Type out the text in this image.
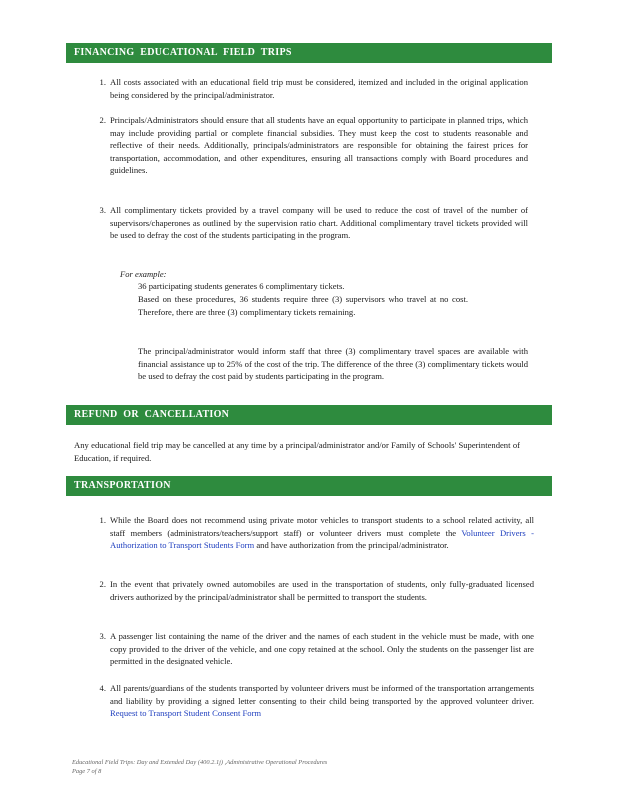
FINANCING EDUCATIONAL FIELD TRIPS
1. All costs associated with an educational field trip must be considered, itemized and included in the original application being considered by the principal/administrator.
2. Principals/Administrators should ensure that all students have an equal opportunity to participate in planned trips, which may include providing partial or complete financial subsidies. They must keep the cost to students reasonable and reflective of their needs. Additionally, principals/administrators are responsible for obtaining the fairest prices for transportation, accommodation, and other expenditures, ensuring all transactions comply with Board procedures and guidelines.
3. All complimentary tickets provided by a travel company will be used to reduce the cost of travel of the number of supervisors/chaperones as outlined by the supervision ratio chart. Additional complimentary travel tickets provided will be used to defray the cost of the students participating in the program.
For example:
36 participating students generates 6 complimentary tickets.
Based on these procedures, 36 students require three (3) supervisors who travel at no cost. Therefore, there are three (3) complimentary tickets remaining.
The principal/administrator would inform staff that three (3) complimentary travel spaces are available with financial assistance up to 25% of the cost of the trip. The difference of the three (3) complimentary tickets would be used to defray the cost paid by students participating in the program.
REFUND OR CANCELLATION
Any educational field trip may be cancelled at any time by a principal/administrator and/or Family of Schools' Superintendent of Education, if required.
TRANSPORTATION
1. While the Board does not recommend using private motor vehicles to transport students to a school related activity, all staff members (administrators/teachers/support staff) or volunteer drivers must complete the Volunteer Drivers - Authorization to Transport Students Form and have authorization from the principal/administrator.
2. In the event that privately owned automobiles are used in the transportation of students, only fully-graduated licensed drivers authorized by the principal/administrator shall be permitted to transport the students.
3. A passenger list containing the name of the driver and the names of each student in the vehicle must be made, with one copy provided to the driver of the vehicle, and one copy retained at the school. Only the students on the passenger list are permitted in the designated vehicle.
4. All parents/guardians of the students transported by volunteer drivers must be informed of the transportation arrangements and liability by providing a signed letter consenting to their child being transported by the approved volunteer driver. Request to Transport Student Consent Form
Educational Field Trips: Day and Extended Day (400.2.1j) ,Administrative Operational Procedures
Page 7 of 8
